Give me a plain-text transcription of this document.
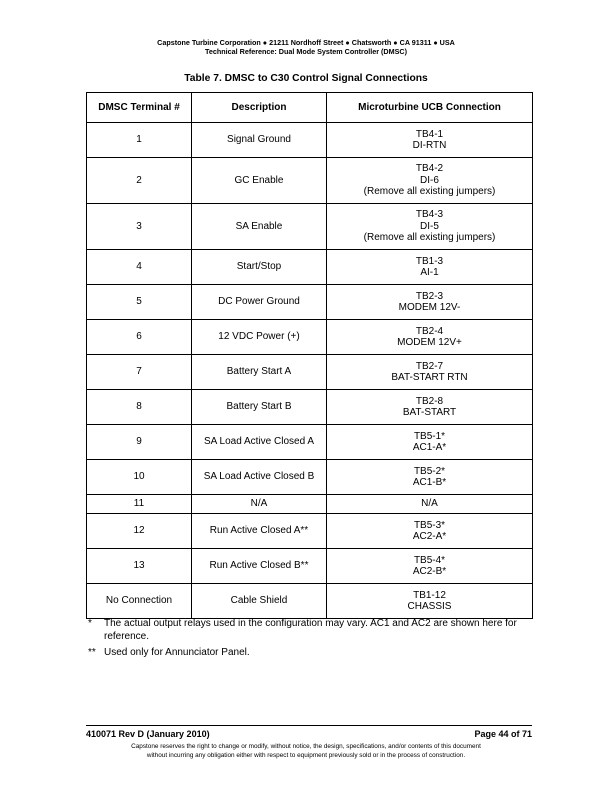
Capstone Turbine Corporation ● 21211 Nordhoff Street ● Chatsworth ● CA 91311 ● USA
Technical Reference: Dual Mode System Controller (DMSC)
Table 7. DMSC to C30 Control Signal Connections
DMSC Terminal #	Description	Microturbine UCB Connection
1	Signal Ground	TB4-1
DI-RTN

2	GC Enable	TB4-2
DI-6
(Remove all existing jumpers)

3	SA Enable	TB4-3
DI-5
(Remove all existing jumpers)

4	Start/Stop	TB1-3
AI-1

5	DC Power Ground	TB2-3
MODEM 12V-

6	12 VDC Power (+)	TB2-4
MODEM 12V+

7	Battery Start A	TB2-7
BAT-START RTN

8	Battery Start B	TB2-8
BAT-START

9	SA Load Active Closed A	TB5-1*
AC1-A*

10	SA Load Active Closed B	TB5-2*
AC1-B*

11	N/A	N/A

12	Run Active Closed A**	TB5-3*
AC2-A*

13	Run Active Closed B**	TB5-4*
AC2-B*

No Connection	Cable Shield	TB1-12
CHASSIS
*	The actual output relays used in the configuration may vary. AC1 and AC2 are shown here for reference.
** Used only for Annunciator Panel.
410071 Rev D (January 2010)	Page 44 of 71
Capstone reserves the right to change or modify, without notice, the design, specifications, and/or contents of this document
without incurring any obligation either with respect to equipment previously sold or in the process of construction.
